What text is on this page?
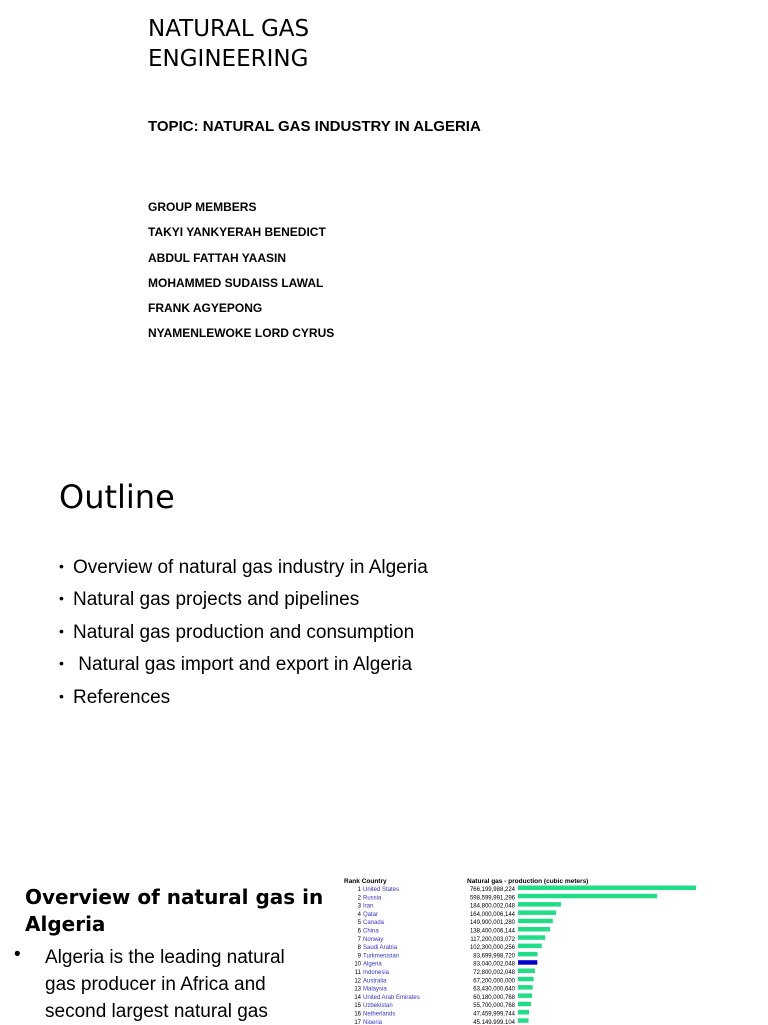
NATURAL GAS
ENGINEERING
TOPIC: NATURAL GAS INDUSTRY IN ALGERIA
GROUP MEMBERS
TAKYI YANKYERAH BENEDICT
ABDUL FATTAH YAASIN
MOHAMMED SUDAISS LAWAL
FRANK AGYEPONG
NYAMENLEWOKE LORD CYRUS
Outline
• Overview of natural gas industry in Algeria
• Natural gas projects and pipelines
• Natural gas production and consumption
• Natural gas import and export in Algeria
• References
Overview of natural gas in Algeria
• Algeria is the leading natural gas producer in Africa and second largest natural gas
Rank Country	Natural gas - production (cubic meters)
1 United States	766,199,988,224
2 Russia	598,599,991,296
3 Iran	184,800,002,048
4 Qatar	164,000,006,144
5 Canada	149,900,001,280
6 China	138,400,006,144
7 Norway	117,200,003,072
8 Saudi Arabia	102,300,000,256
9 Turkmenistan	83,699,998,720
10 Algeria	83,040,002,048
11 Indonesia	72,800,002,048
12 Australia	67,200,000,000
13 Malaysia	63,430,000,640
14 United Arab Emirates	60,180,000,768
15 Uzbekistan	55,700,000,768
16 Netherlands	47,459,999,744
17 Nigeria	45,149,999,104
